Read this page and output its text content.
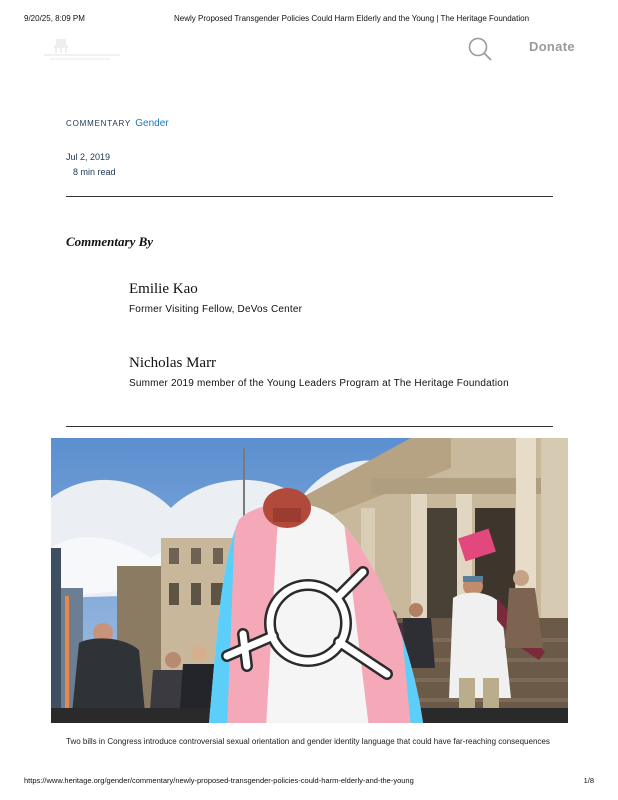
9/20/25, 8:09 PM	Newly Proposed Transgender Policies Could Harm Elderly and the Young | The Heritage Foundation
Donate
COMMENTARY Gender
Jul 2, 2019
8 min read
Commentary By
Emilie Kao
Former Visiting Fellow, DeVos Center
Nicholas Marr
Summer 2019 member of the Young Leaders Program at The Heritage Foundation
Two bills in Congress introduce controversial sexual orientation and gender identity language that could have far-reaching consequences
https://www.heritage.org/gender/commentary/newly-proposed-transgender-policies-could-harm-elderly-and-the-young	1/8
